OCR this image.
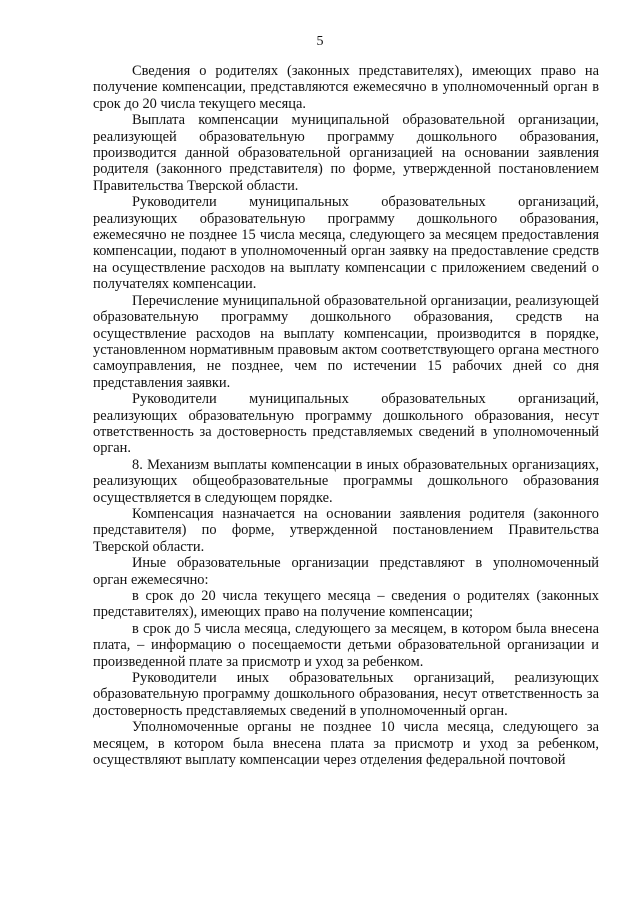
5

Сведения о родителях (законных представителях), имеющих право на получение компенсации, представляются ежемесячно в уполномоченный орган в срок до 20 числа текущего месяца.

Выплата компенсации муниципальной образовательной организации, реализующей образовательную программу дошкольного образования, производится данной образовательной организацией на основании заявления родителя (законного представителя) по форме, утвержденной постановлением Правительства Тверской области.

Руководители муниципальных образовательных организаций, реализующих образовательную программу дошкольного образования, ежемесячно не позднее 15 числа месяца, следующего за месяцем предоставления компенсации, подают в уполномоченный орган заявку на предоставление средств на осуществление расходов на выплату компенсации с приложением сведений о получателях компенсации.

Перечисление муниципальной образовательной организации, реализующей образовательную программу дошкольного образования, средств на осуществление расходов на выплату компенсации, производится в порядке, установленном нормативным правовым актом соответствующего органа местного самоуправления, не позднее, чем по истечении 15 рабочих дней со дня представления заявки.

Руководители муниципальных образовательных организаций, реализующих образовательную программу дошкольного образования, несут ответственность за достоверность представляемых сведений в уполномоченный орган.

8. Механизм выплаты компенсации в иных образовательных организациях, реализующих общеобразовательные программы дошкольного образования осуществляется в следующем порядке.

Компенсация назначается на основании заявления родителя (законного представителя) по форме, утвержденной постановлением Правительства Тверской области.

Иные образовательные организации представляют в уполномоченный орган ежемесячно:

в срок до 20 числа текущего месяца – сведения о родителях (законных представителях), имеющих право на получение компенсации;

в срок до 5 числа месяца, следующего за месяцем, в котором была внесена плата, – информацию о посещаемости детьми образовательной организации и произведенной плате за присмотр и уход за ребенком.

Руководители иных образовательных организаций, реализующих образовательную программу дошкольного образования, несут ответственность за достоверность представляемых сведений в уполномоченный орган.

Уполномоченные органы не позднее 10 числа месяца, следующего за месяцем, в котором была внесена плата за присмотр и уход за ребенком, осуществляют выплату компенсации через отделения федеральной почтовой
